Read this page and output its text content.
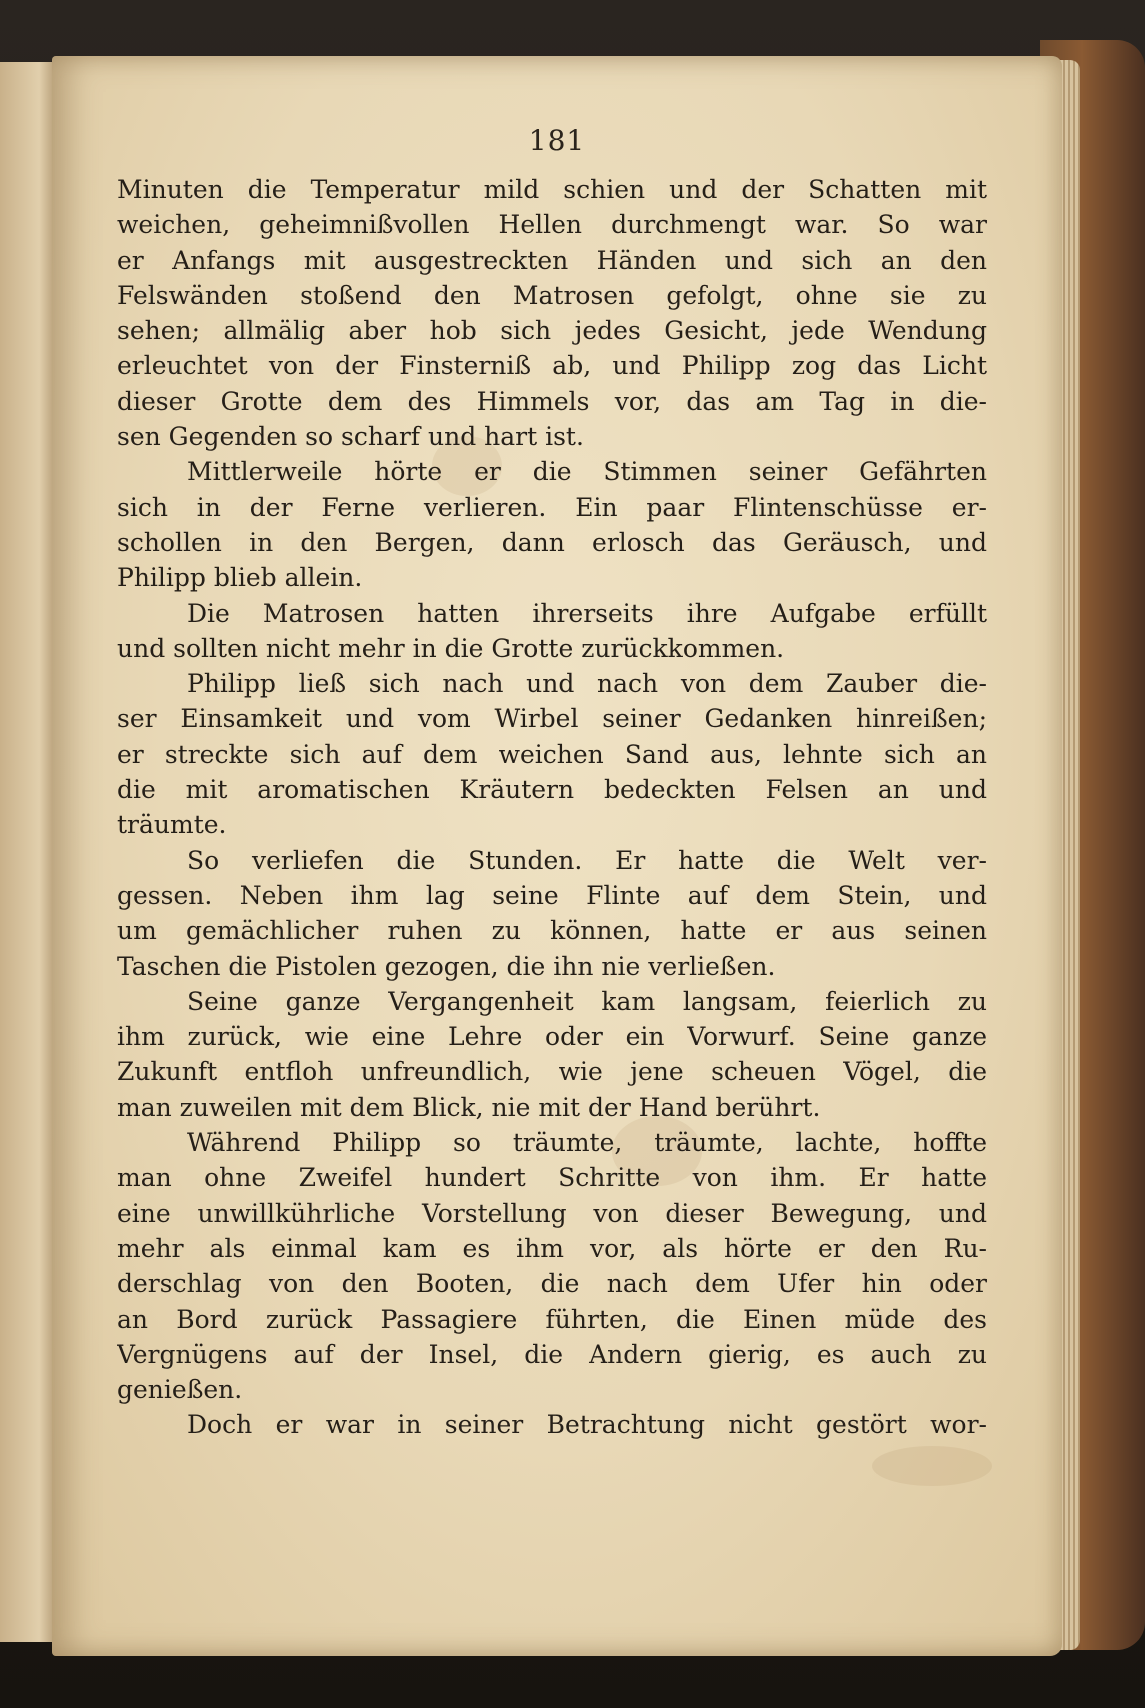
181
Minuten die Temperatur mild schien und der Schatten mit
weichen, geheimnißvollen Hellen durchmengt war. So war
er Anfangs mit ausgestreckten Händen und sich an den
Felswänden stoßend den Matrosen gefolgt, ohne sie zu
sehen; allmälig aber hob sich jedes Gesicht, jede Wendung
erleuchtet von der Finsterniß ab, und Philipp zog das Licht
dieser Grotte dem des Himmels vor, das am Tag in die-
sen Gegenden so scharf und hart ist.
Mittlerweile hörte er die Stimmen seiner Gefährten
sich in der Ferne verlieren. Ein paar Flintenschüsse er-
schollen in den Bergen, dann erlosch das Geräusch, und
Philipp blieb allein.
Die Matrosen hatten ihrerseits ihre Aufgabe erfüllt
und sollten nicht mehr in die Grotte zurückkommen.
Philipp ließ sich nach und nach von dem Zauber die-
ser Einsamkeit und vom Wirbel seiner Gedanken hinreißen;
er streckte sich auf dem weichen Sand aus, lehnte sich an
die mit aromatischen Kräutern bedeckten Felsen an und
träumte.
So verliefen die Stunden. Er hatte die Welt ver-
gessen. Neben ihm lag seine Flinte auf dem Stein, und
um gemächlicher ruhen zu können, hatte er aus seinen
Taschen die Pistolen gezogen, die ihn nie verließen.
Seine ganze Vergangenheit kam langsam, feierlich zu
ihm zurück, wie eine Lehre oder ein Vorwurf. Seine ganze
Zukunft entfloh unfreundlich, wie jene scheuen Vögel, die
man zuweilen mit dem Blick, nie mit der Hand berührt.
Während Philipp so träumte, träumte, lachte, hoffte
man ohne Zweifel hundert Schritte von ihm. Er hatte
eine unwillkührliche Vorstellung von dieser Bewegung, und
mehr als einmal kam es ihm vor, als hörte er den Ru-
derschlag von den Booten, die nach dem Ufer hin oder
an Bord zurück Passagiere führten, die Einen müde des
Vergnügens auf der Insel, die Andern gierig, es auch zu
genießen.
Doch er war in seiner Betrachtung nicht gestört wor-
